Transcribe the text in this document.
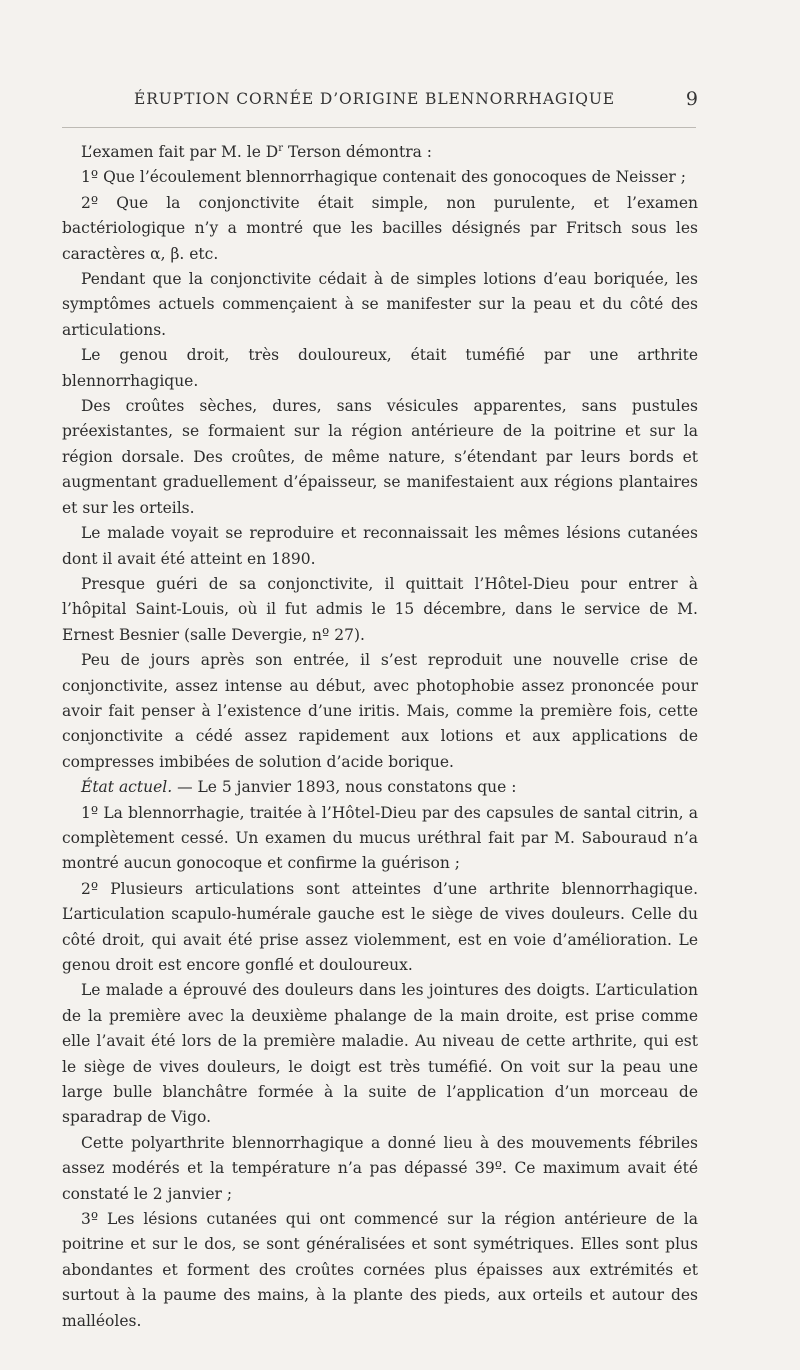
ÉRUPTION CORNÉE D’ORIGINE BLENNORRHAGIQUE	9

L’examen fait par M. le $D^r$ Terson démontra :

1º Que l’écoulement blennorrhagique contenait des gonocoques de Neisser ;

2º Que la conjonctivite était simple, non purulente, et l’examen bactériologique n’y a montré que les bacilles désignés par Fritsch sous les caractères α, β. etc.

Pendant que la conjonctivite cédait à de simples lotions d’eau boriquée, les symptômes actuels commençaient à se manifester sur la peau et du côté des articulations.

Le genou droit, très douloureux, était tuméfié par une arthrite blennorrhagique.

Des croûtes sèches, dures, sans vésicules apparentes, sans pustules préexistantes, se formaient sur la région antérieure de la poitrine et sur la région dorsale. Des croûtes, de même nature, s’étendant par leurs bords et augmentant graduellement d’épaisseur, se manifestaient aux régions plantaires et sur les orteils.

Le malade voyait se reproduire et reconnaissait les mêmes lésions cutanées dont il avait été atteint en 1890.

Presque guéri de sa conjonctivite, il quittait l’Hôtel-Dieu pour entrer à l’hôpital Saint-Louis, où il fut admis le 15 décembre, dans le service de M. Ernest Besnier (salle Devergie, nº 27).

Peu de jours après son entrée, il s’est reproduit une nouvelle crise de conjonctivite, assez intense au début, avec photophobie assez prononcée pour avoir fait penser à l’existence d’une iritis. Mais, comme la première fois, cette conjonctivite a cédé assez rapidement aux lotions et aux applications de compresses imbibées de solution d’acide borique.

État actuel. — Le 5 janvier 1893, nous constatons que :

1º La blennorrhagie, traitée à l’Hôtel-Dieu par des capsules de santal citrin, a complètement cessé. Un examen du mucus uréthral fait par M. Sabouraud n’a montré aucun gonocoque et confirme la guérison ;

2º Plusieurs articulations sont atteintes d’une arthrite blennorrhagique. L’articulation scapulo-humérale gauche est le siège de vives douleurs. Celle du côté droit, qui avait été prise assez violemment, est en voie d’amélioration. Le genou droit est encore gonflé et douloureux.

Le malade a éprouvé des douleurs dans les jointures des doigts. L’articulation de la première avec la deuxième phalange de la main droite, est prise comme elle l’avait été lors de la première maladie. Au niveau de cette arthrite, qui est le siège de vives douleurs, le doigt est très tuméfié. On voit sur la peau une large bulle blanchâtre formée à la suite de l’application d’un morceau de sparadrap de Vigo.

Cette polyarthrite blennorrhagique a donné lieu à des mouvements fébriles assez modérés et la température n’a pas dépassé 39º. Ce maximum avait été constaté le 2 janvier ;

3º Les lésions cutanées qui ont commencé sur la région antérieure de la poitrine et sur le dos, se sont généralisées et sont symétriques. Elles sont plus abondantes et forment des croûtes cornées plus épaisses aux extrémités et surtout à la paume des mains, à la plante des pieds, aux orteils et autour des malléoles.
